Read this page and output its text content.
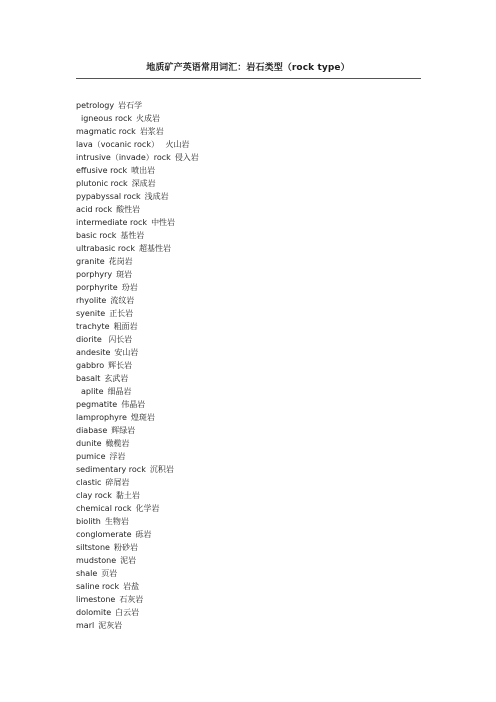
地质矿产英语常用词汇：岩石类型（rock type）
petrology 岩石学
igneous rock 火成岩
magmatic rock 岩浆岩
lava（vocanic rock） 火山岩
intrusive（invade）rock 侵入岩
effusive rock 喷出岩
plutonic rock 深成岩
pypabyssal rock 浅成岩
acid rock 酸性岩
intermediate rock 中性岩
basic rock 基性岩
ultrabasic rock 超基性岩
granite 花岗岩
porphyry 斑岩
porphyrite 玢岩
rhyolite 流纹岩
syenite 正长岩
trachyte 粗面岩
diorite 闪长岩
andesite 安山岩
gabbro 辉长岩
basalt 玄武岩
aplite 细晶岩
pegmatite 伟晶岩
lamprophyre 煌斑岩
diabase 辉绿岩
dunite 橄榄岩
pumice 浮岩
sedimentary rock 沉积岩
clastic 碎屑岩
clay rock 黏土岩
chemical rock 化学岩
biolith 生物岩
conglomerate 砾岩
siltstone 粉砂岩
mudstone 泥岩
shale 页岩
saline rock 岩盐
limestone 石灰岩
dolomite 白云岩
marl 泥灰岩
